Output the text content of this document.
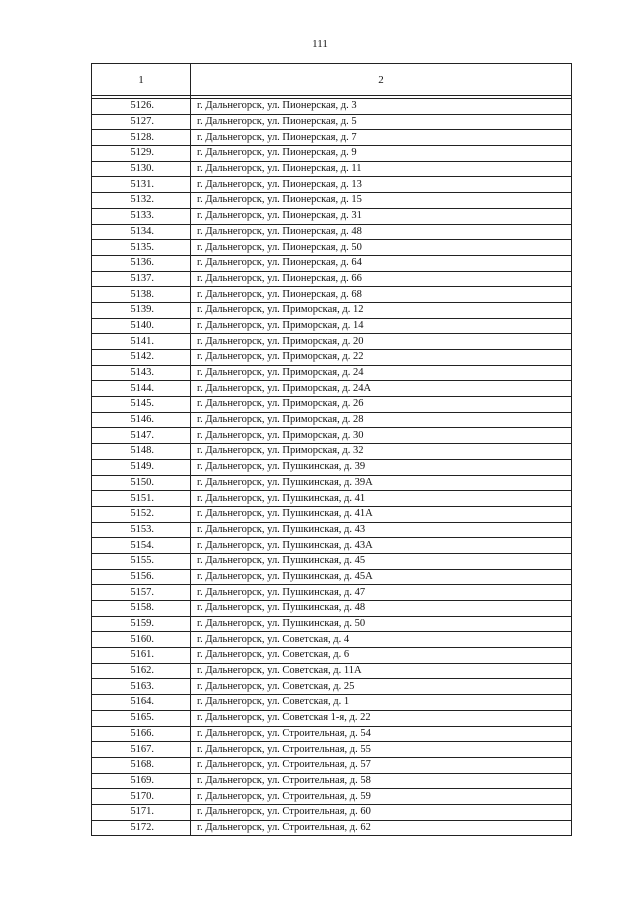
111
1	2

5126.	г. Дальнегорск, ул. Пионерская, д. 3
5127.	г. Дальнегорск, ул. Пионерская, д. 5
5128.	г. Дальнегорск, ул. Пионерская, д. 7
5129.	г. Дальнегорск, ул. Пионерская, д. 9
5130.	г. Дальнегорск, ул. Пионерская, д. 11
5131.	г. Дальнегорск, ул. Пионерская, д. 13
5132.	г. Дальнегорск, ул. Пионерская, д. 15
5133.	г. Дальнегорск, ул. Пионерская, д. 31
5134.	г. Дальнегорск, ул. Пионерская, д. 48
5135.	г. Дальнегорск, ул. Пионерская, д. 50
5136.	г. Дальнегорск, ул. Пионерская, д. 64
5137.	г. Дальнегорск, ул. Пионерская, д. 66
5138.	г. Дальнегорск, ул. Пионерская, д. 68
5139.	г. Дальнегорск, ул. Приморская, д. 12
5140.	г. Дальнегорск, ул. Приморская, д. 14
5141.	г. Дальнегорск, ул. Приморская, д. 20
5142.	г. Дальнегорск, ул. Приморская, д. 22
5143.	г. Дальнегорск, ул. Приморская, д. 24
5144.	г. Дальнегорск, ул. Приморская, д. 24А
5145.	г. Дальнегорск, ул. Приморская, д. 26
5146.	г. Дальнегорск, ул. Приморская, д. 28
5147.	г. Дальнегорск, ул. Приморская, д. 30
5148.	г. Дальнегорск, ул. Приморская, д. 32
5149.	г. Дальнегорск, ул. Пушкинская, д. 39
5150.	г. Дальнегорск, ул. Пушкинская, д. 39А
5151.	г. Дальнегорск, ул. Пушкинская, д. 41
5152.	г. Дальнегорск, ул. Пушкинская, д. 41А
5153.	г. Дальнегорск, ул. Пушкинская, д. 43
5154.	г. Дальнегорск, ул. Пушкинская, д. 43А
5155.	г. Дальнегорск, ул. Пушкинская, д. 45
5156.	г. Дальнегорск, ул. Пушкинская, д. 45А
5157.	г. Дальнегорск, ул. Пушкинская, д. 47
5158.	г. Дальнегорск, ул. Пушкинская, д. 48
5159.	г. Дальнегорск, ул. Пушкинская, д. 50
5160.	г. Дальнегорск, ул. Советская, д. 4
5161.	г. Дальнегорск, ул. Советская, д. 6
5162.	г. Дальнегорск, ул. Советская, д. 11А
5163.	г. Дальнегорск, ул. Советская, д. 25
5164.	г. Дальнегорск, ул. Советская, д. 1
5165.	г. Дальнегорск, ул. Советская 1-я, д. 22
5166.	г. Дальнегорск, ул. Строительная, д. 54
5167.	г. Дальнегорск, ул. Строительная, д. 55
5168.	г. Дальнегорск, ул. Строительная, д. 57
5169.	г. Дальнегорск, ул. Строительная, д. 58
5170.	г. Дальнегорск, ул. Строительная, д. 59
5171.	г. Дальнегорск, ул. Строительная, д. 60
5172.	г. Дальнегорск, ул. Строительная, д. 62
